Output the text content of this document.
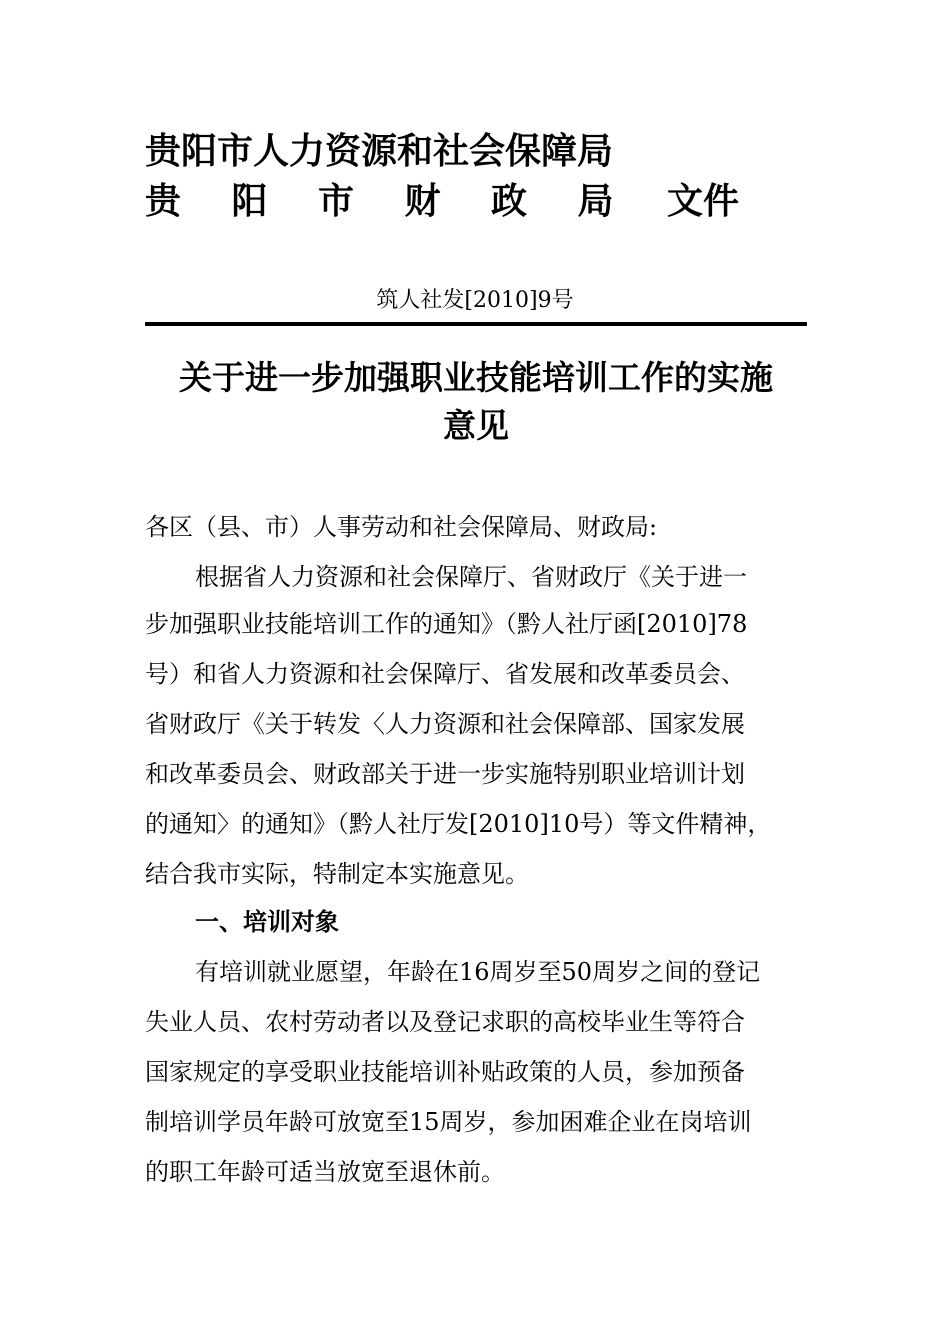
贵阳市人力资源和社会保障局
贵	阳	市	财	政	局	文件
筑人社发[2010]9号
关于进一步加强职业技能培训工作的实施
意见
各区（县、市）人事劳动和社会保障局、财政局:
根据省人力资源和社会保障厅、省财政厅《关于进一
步加强职业技能培训工作的通知》（黔人社厅函[2010]78
号）和省人力资源和社会保障厅、省发展和改革委员会、
省财政厅《关于转发〈人力资源和社会保障部、国家发展
和改革委员会、财政部关于进一步实施特别职业培训计划
的通知〉的通知》（黔人社厅发[2010]10号）等文件精神，
结合我市实际，特制定本实施意见。
一、培训对象
有培训就业愿望，年龄在16周岁至50周岁之间的登记
失业人员、农村劳动者以及登记求职的高校毕业生等符合
国家规定的享受职业技能培训补贴政策的人员，参加预备
制培训学员年龄可放宽至15周岁，参加困难企业在岗培训
的职工年龄可适当放宽至退休前。
